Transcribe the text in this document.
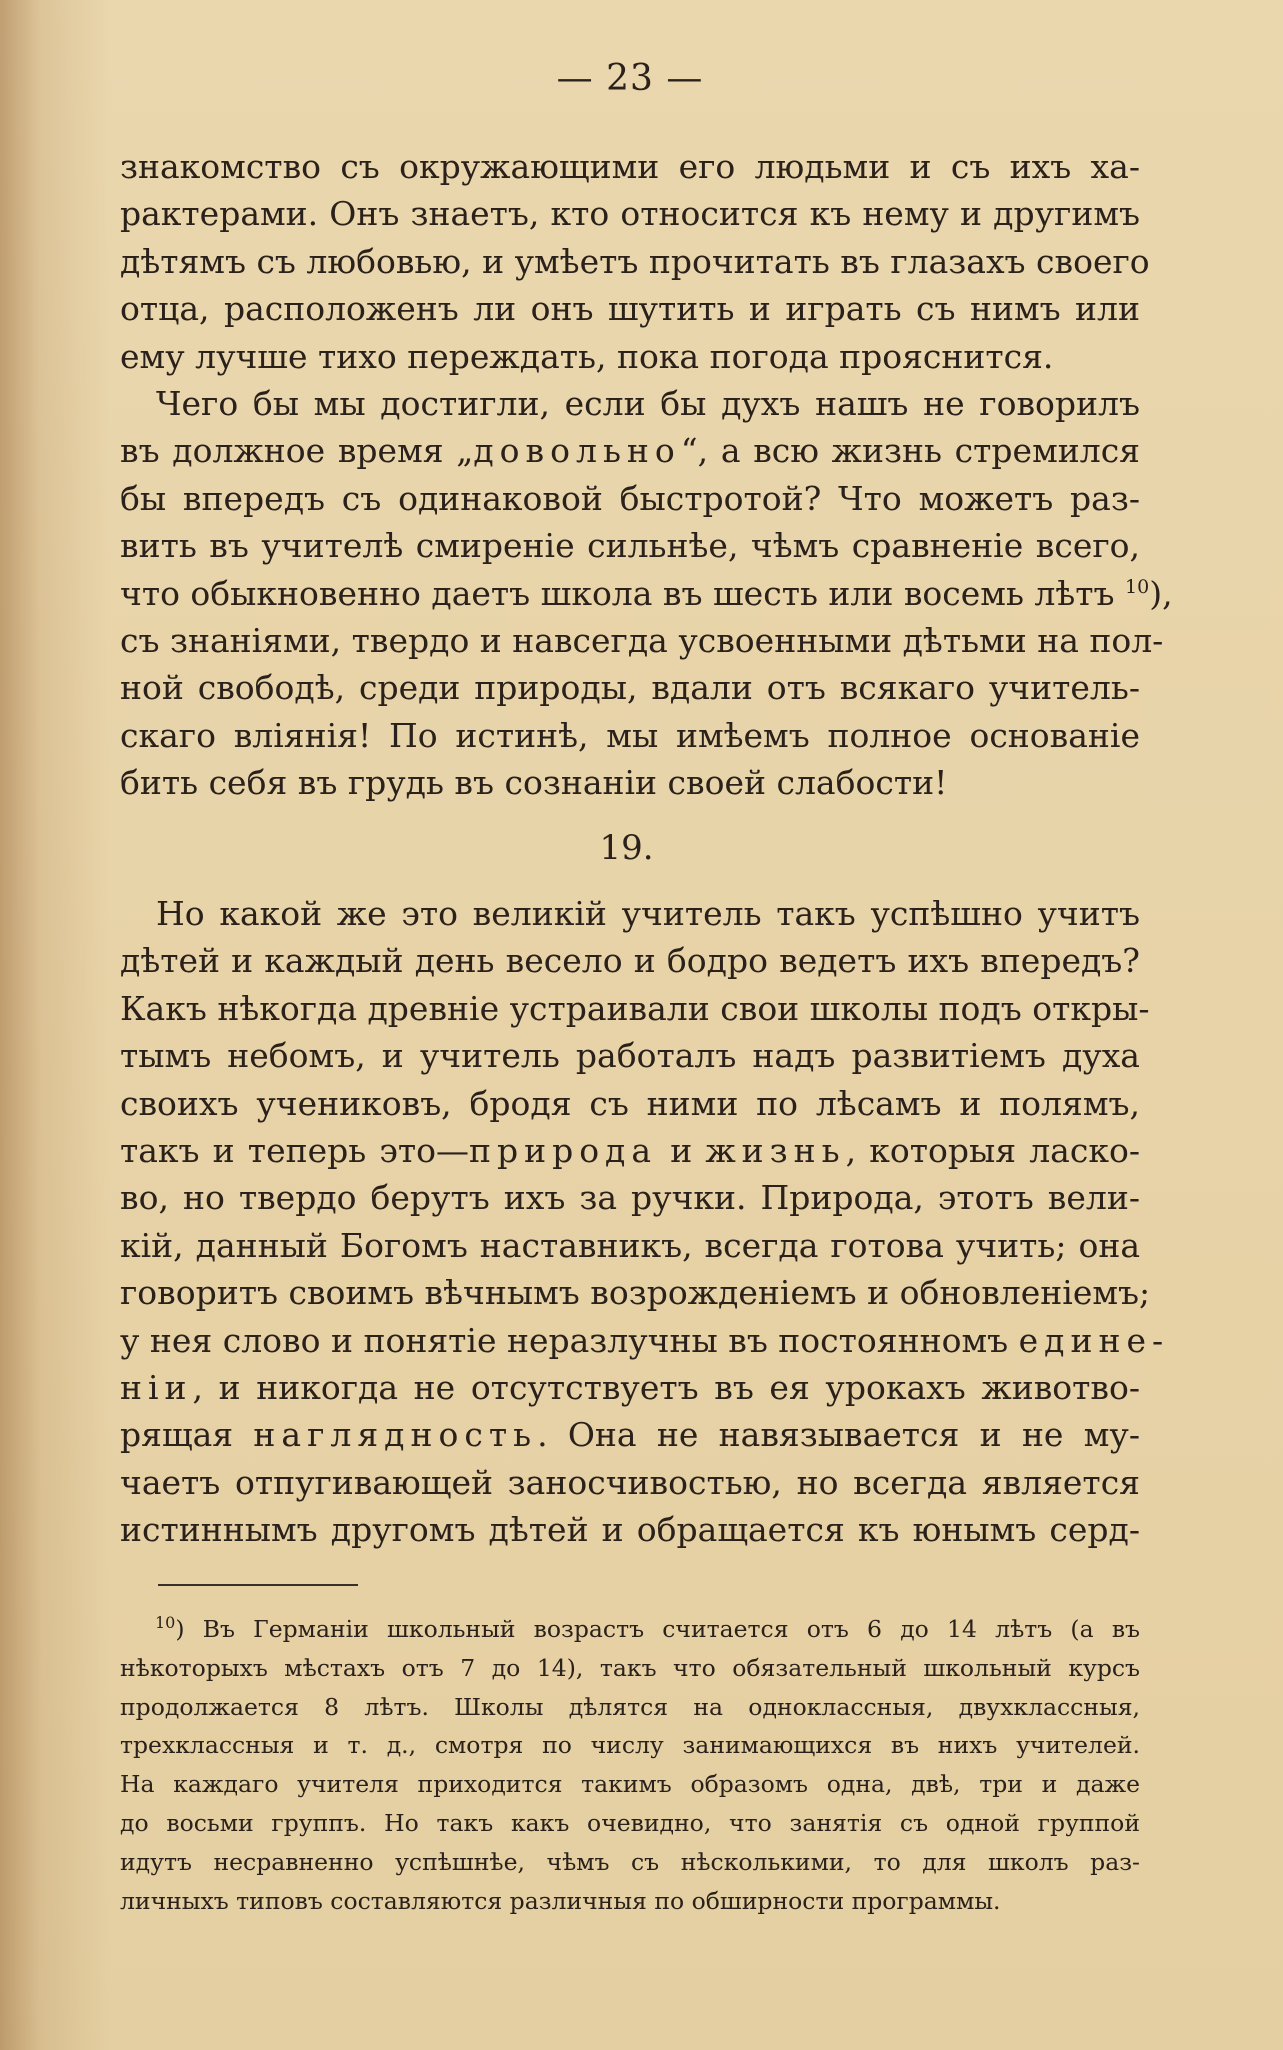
— 23 —
знакомство съ окружающими его людьми и съ ихъ ха-
рактерами. Онъ знаетъ, кто относится къ нему и другимъ
дѣтямъ съ любовью, и умѣетъ прочитать въ глазахъ своего
отца, расположенъ ли онъ шутить и играть съ нимъ или
ему лучше тихо переждать, пока погода прояснится.
Чего бы мы достигли, если бы духъ нашъ не говорилъ
въ должное время „довольно“, а всю жизнь стремился
бы впередъ съ одинаковой быстротой? Что можетъ раз-
вить въ учителѣ смиреніе сильнѣе, чѣмъ сравненіе всего,
что обыкновенно даетъ школа въ шесть или восемь лѣтъ $^{10}$),
съ знаніями, твердо и навсегда усвоенными дѣтьми на пол-
ной свободѣ, среди природы, вдали отъ всякаго учитель-
скаго вліянія! По истинѣ, мы имѣемъ полное основаніе
бить себя въ грудь въ сознаніи своей слабости!
19.
Но какой же это великій учитель такъ успѣшно учитъ
дѣтей и каждый день весело и бодро ведетъ ихъ впередъ?
Какъ нѣкогда древніе устраивали свои школы подъ откры-
тымъ небомъ, и учитель работалъ надъ развитіемъ духа
своихъ учениковъ, бродя съ ними по лѣсамъ и полямъ,
такъ и теперь это—природа и жизнь, которыя ласко-
во, но твердо берутъ ихъ за ручки. Природа, этотъ вели-
кій, данный Богомъ наставникъ, всегда готова учить; она
говоритъ своимъ вѣчнымъ возрожденіемъ и обновленіемъ;
у нея слово и понятіе неразлучны въ постоянномъ едине-
ніи, и никогда не отсутствуетъ въ ея урокахъ животво-
рящая наглядность. Она не навязывается и не му-
чаетъ отпугивающей заносчивостью, но всегда является
истиннымъ другомъ дѣтей и обращается къ юнымъ серд-
$^{10}$) Въ Германіи школьный возрастъ считается отъ 6 до 14 лѣтъ (а въ
нѣкоторыхъ мѣстахъ отъ 7 до 14), такъ что обязательный школьный курсъ
продолжается 8 лѣтъ. Школы дѣлятся на одноклассныя, двухклассныя,
трехклассныя и т. д., смотря по числу занимающихся въ нихъ учителей.
На каждаго учителя приходится такимъ образомъ одна, двѣ, три и даже
до восьми группъ. Но такъ какъ очевидно, что занятія съ одной группой
идутъ несравненно успѣшнѣе, чѣмъ съ нѣсколькими, то для школъ раз-
личныхъ типовъ составляются различныя по обширности программы.
